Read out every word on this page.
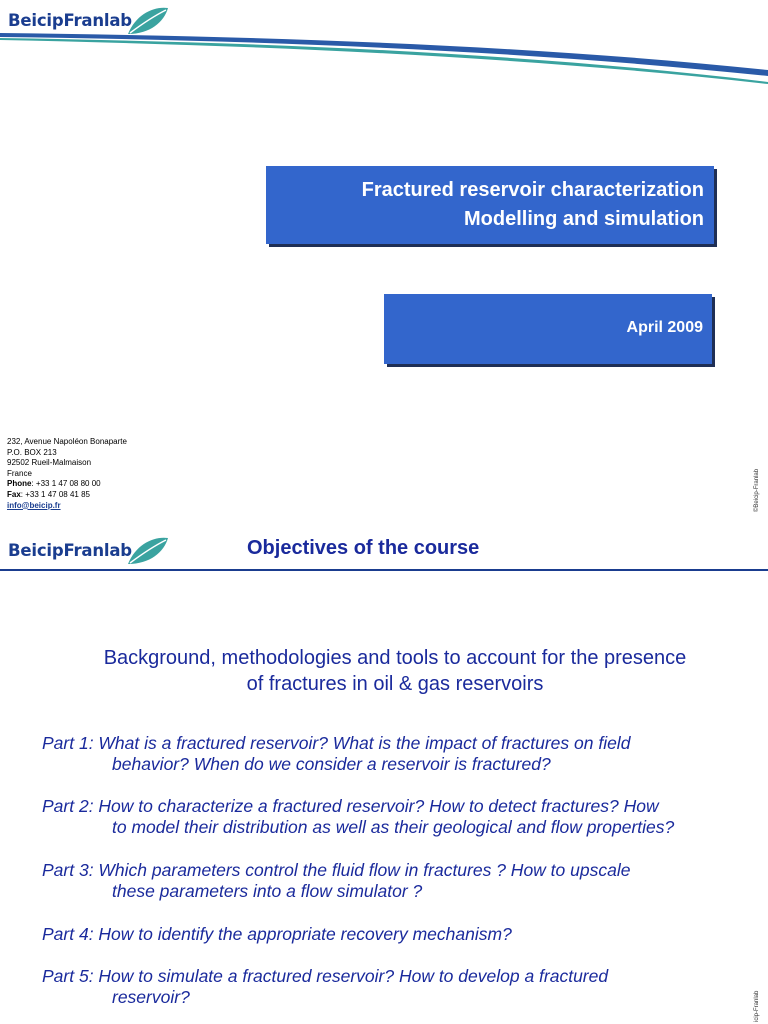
BeicipFranlab
Fractured reservoir characterization
Modelling and simulation
April 2009
232, Avenue Napoléon Bonaparte
P.O. BOX 213
92502 Rueil-Malmaison
France
Phone: +33 1 47 08 80 00
Fax: +33 1 47 08 41 85
info@beicip.fr	©Beicip-Franlab
BeicipFranlab	Objectives of the course
Background, methodologies and tools to account for the presence
of fractures in oil & gas reservoirs
Part 1: What is a fractured reservoir? What is the impact of fractures on field
behavior? When do we consider a reservoir is fractured?
Part 2: How to characterize a fractured reservoir? How to detect fractures? How
to model their distribution as well as their geological and flow properties?
Part 3: Which parameters control the fluid flow in fractures ? How to upscale
these parameters into a flow simulator ?
Part 4: How to identify the appropriate recovery mechanism?
Part 5: How to simulate a fractured reservoir? How to develop a fractured
reservoir?	icip-Franlab
